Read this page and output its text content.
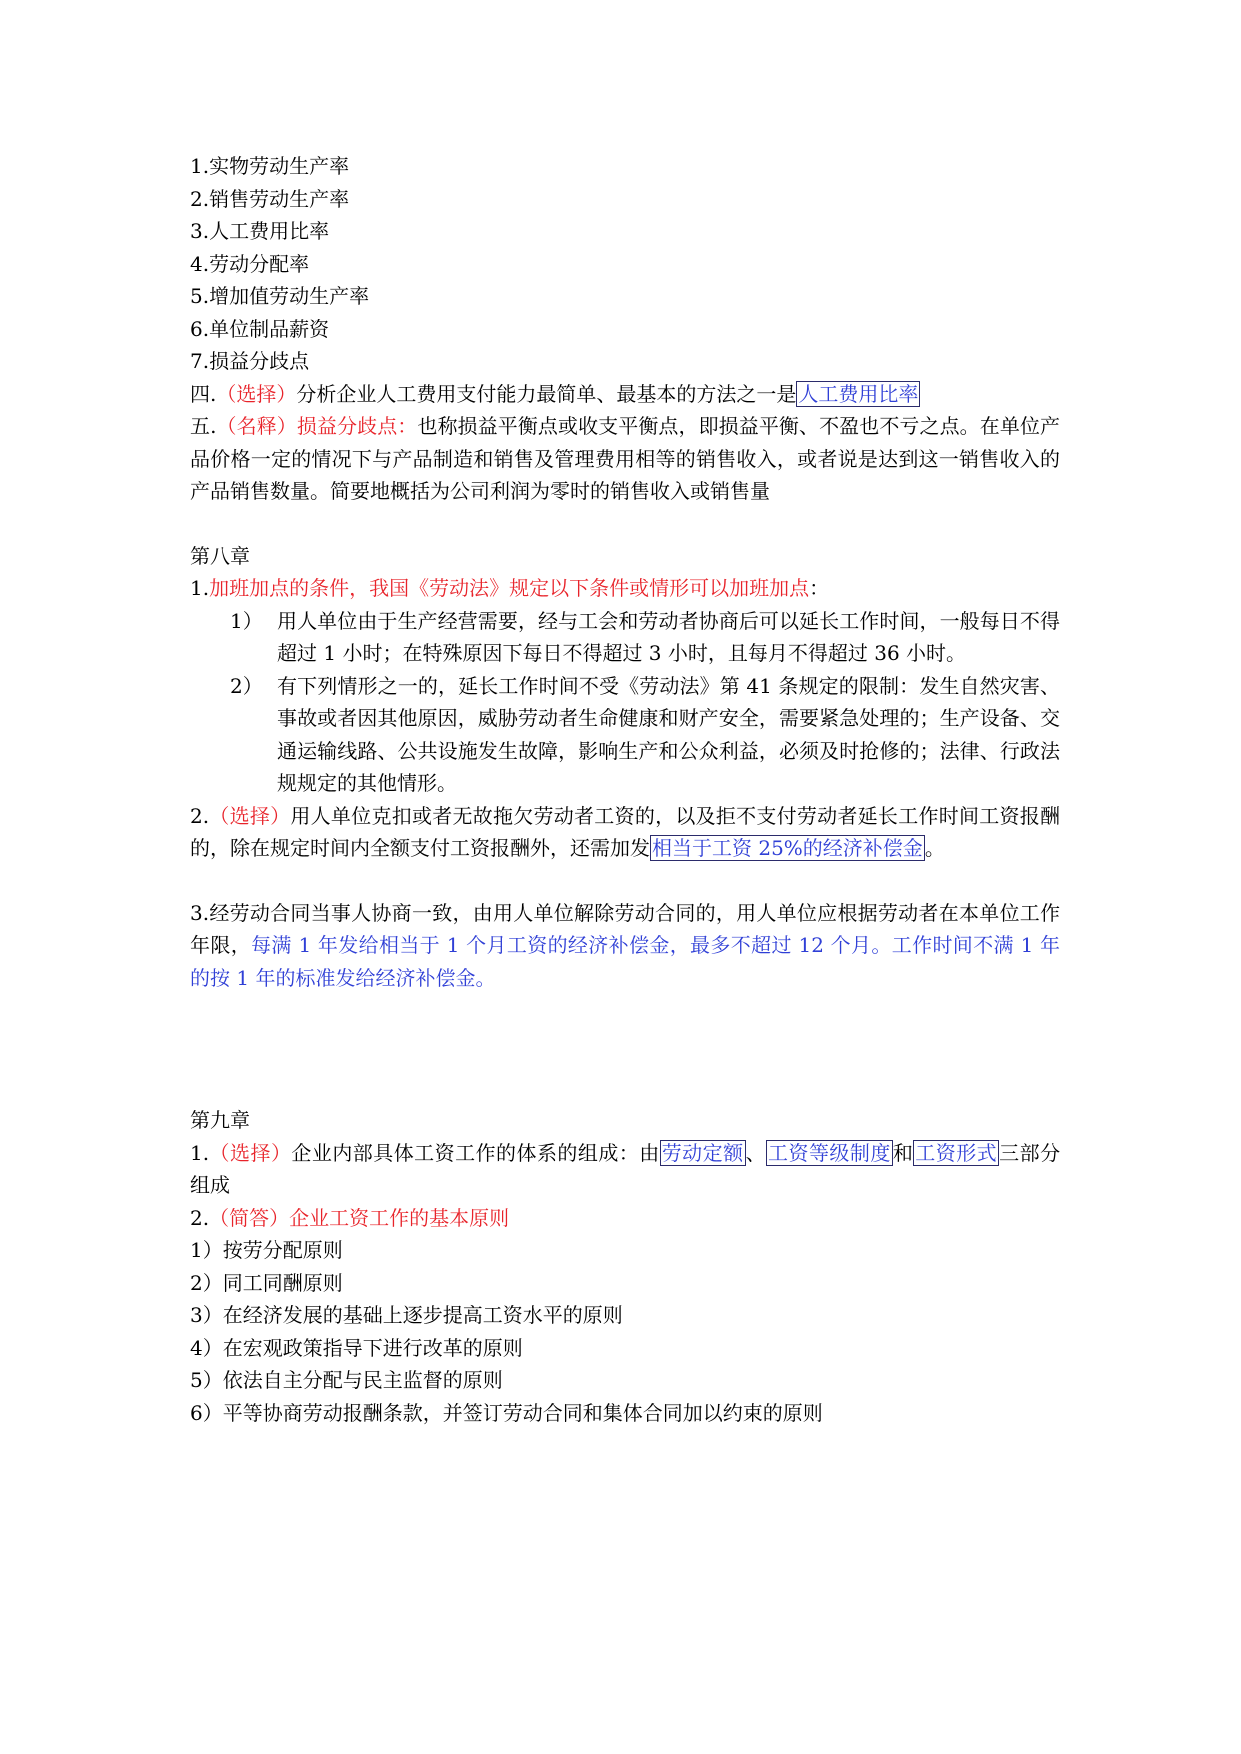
1.实物劳动生产率
2.销售劳动生产率
3.人工费用比率
4.劳动分配率
5.增加值劳动生产率
6.单位制品薪资
7.损益分歧点
四.（选择）分析企业人工费用支付能力最简单、最基本的方法之一是 人工费用比率
五.（名释）损益分歧点：也称损益平衡点或收支平衡点，即损益平衡、不盈也不亏之点。在单位产品价格一定的情况下与产品制造和销售及管理费用相等的销售收入，或者说是达到这一销售收入的产品销售数量。简要地概括为公司利润为零时的销售收入或销售量
第八章
1.加班加点的条件，我国《劳动法》规定以下条件或情形可以加班加点：
1） 用人单位由于生产经营需要，经与工会和劳动者协商后可以延长工作时间，一般每日不得超过 1 小时；在特殊原因下每日不得超过 3 小时，且每月不得超过 36 小时。
2） 有下列情形之一的，延长工作时间不受《劳动法》第 41 条规定的限制：发生自然灾害、事故或者因其他原因，威胁劳动者生命健康和财产安全，需要紧急处理的；生产设备、交通运输线路、公共设施发生故障，影响生产和公众利益，必须及时抢修的；法律、行政法规规定的其他情形。
2.（选择）用人单位克扣或者无故拖欠劳动者工资的，以及拒不支付劳动者延长工作时间工资报酬的，除在规定时间内全额支付工资报酬外，还需加发 相当于工资 25%的经济补偿金 。
3.经劳动合同当事人协商一致，由用人单位解除劳动合同的，用人单位应根据劳动者在本单位工作年限，每满 1 年发给相当于 1 个月工资的经济补偿金，最多不超过 12 个月。工作时间不满 1 年的按 1 年的标准发给经济补偿金。
第九章
1.（选择）企业内部具体工资工作的体系的组成：由 劳动定额 、 工资等级制度 和 工资形式 三部分组成
2.（简答）企业工资工作的基本原则
1）按劳分配原则
2）同工同酬原则
3）在经济发展的基础上逐步提高工资水平的原则
4）在宏观政策指导下进行改革的原则
5）依法自主分配与民主监督的原则
6）平等协商劳动报酬条款，并签订劳动合同和集体合同加以约束的原则
